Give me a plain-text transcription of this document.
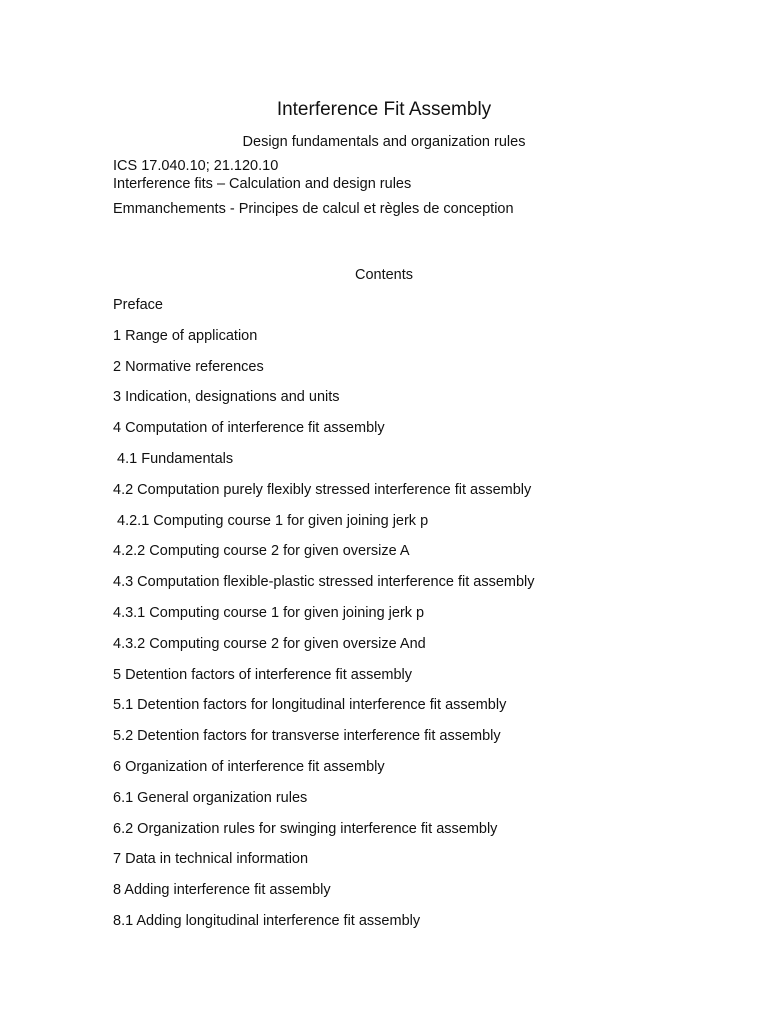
Interference Fit Assembly
Design fundamentals and organization rules
ICS 17.040.10; 21.120.10
Interference fits – Calculation and design rules
Emmanchements - Principes de calcul et règles de conception
Contents
Preface
1 Range of application
2 Normative references
3 Indication, designations and units
4 Computation of interference fit assembly
4.1 Fundamentals
4.2 Computation purely flexibly stressed interference fit assembly
4.2.1 Computing course 1 for given joining jerk p
4.2.2 Computing course 2 for given oversize A
4.3 Computation flexible-plastic stressed interference fit assembly
4.3.1 Computing course 1 for given joining jerk p
4.3.2 Computing course 2 for given oversize And
5 Detention factors of interference fit assembly
5.1 Detention factors for longitudinal interference fit assembly
5.2 Detention factors for transverse interference fit assembly
6 Organization of interference fit assembly
6.1 General organization rules
6.2 Organization rules for swinging interference fit assembly
7 Data in technical information
8 Adding interference fit assembly
8.1 Adding longitudinal interference fit assembly
